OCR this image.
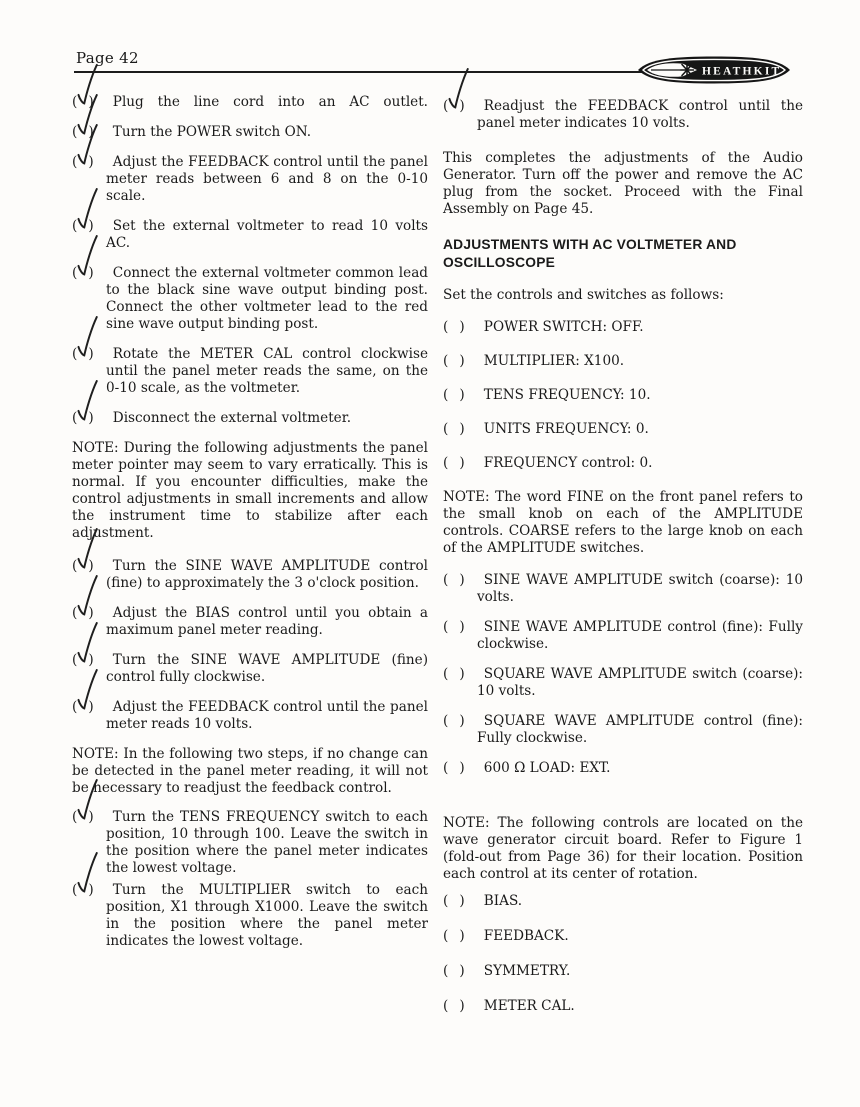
Page 42
HEATHKIT
( )
 Plug the line cord into an AC outlet.
( )
 Turn the POWER switch ON.
( )
 Adjust the FEEDBACK control until the panel meter reads between 6 and 8 on the 0-10 scale.
( )
 Set the external voltmeter to read 10 volts AC.
( )
 Connect the external voltmeter common lead to the black sine wave output binding post. Connect the other voltmeter lead to the red sine wave output binding post.
( )
 Rotate the METER CAL control clockwise until the panel meter reads the same, on the 0-10 scale, as the voltmeter.
( )
 Disconnect the external voltmeter.
NOTE: During the following adjustments the panel meter pointer may seem to vary erratically. This is normal. If you encounter difficulties, make the control adjustments in small increments and allow the instrument time to stabilize after each adjustment.
( )
 Turn the SINE WAVE AMPLITUDE control (fine) to approximately the 3 o'clock position.
( )
 Adjust the BIAS control until you obtain a maximum panel meter reading.
( )
 Turn the SINE WAVE AMPLITUDE (fine) control fully clockwise.
( )
 Adjust the FEEDBACK control until the panel meter reads 10 volts.
NOTE: In the following two steps, if no change can be detected in the panel meter reading, it will not be necessary to readjust the feedback control.
( )
 Turn the TENS FREQUENCY switch to each position, 10 through 100. Leave the switch in the position where the panel meter indicates the lowest voltage.
( )
 Turn the MULTIPLIER switch to each position, X1 through X1000. Leave the switch in the position where the panel meter indicates the lowest voltage.
( )
 Readjust the FEEDBACK control until the panel meter indicates 10 volts.
This completes the adjustments of the Audio Generator. Turn off the power and remove the AC plug from the socket. Proceed with the Final Assembly on Page 45.
ADJUSTMENTS WITH AC VOLTMETER AND OSCILLOSCOPE
Set the controls and switches as follows:
( ) POWER SWITCH: OFF.
( ) MULTIPLIER: X100.
( ) TENS FREQUENCY: 10.
( ) UNITS FREQUENCY: 0.
( ) FREQUENCY control: 0.
NOTE: The word FINE on the front panel refers to the small knob on each of the AMPLITUDE controls. COARSE refers to the large knob on each of the AMPLITUDE switches.
( ) SINE WAVE AMPLITUDE switch (coarse): 10 volts.
( ) SINE WAVE AMPLITUDE control (fine): Fully clockwise.
( ) SQUARE WAVE AMPLITUDE switch (coarse): 10 volts.
( ) SQUARE WAVE AMPLITUDE control (fine): Fully clockwise.
( ) 600 Ω LOAD: EXT.
NOTE: The following controls are located on the wave generator circuit board. Refer to Figure 1 (fold-out from Page 36) for their location. Position each control at its center of rotation.
( ) BIAS.
( ) FEEDBACK.
( ) SYMMETRY.
( ) METER CAL.
